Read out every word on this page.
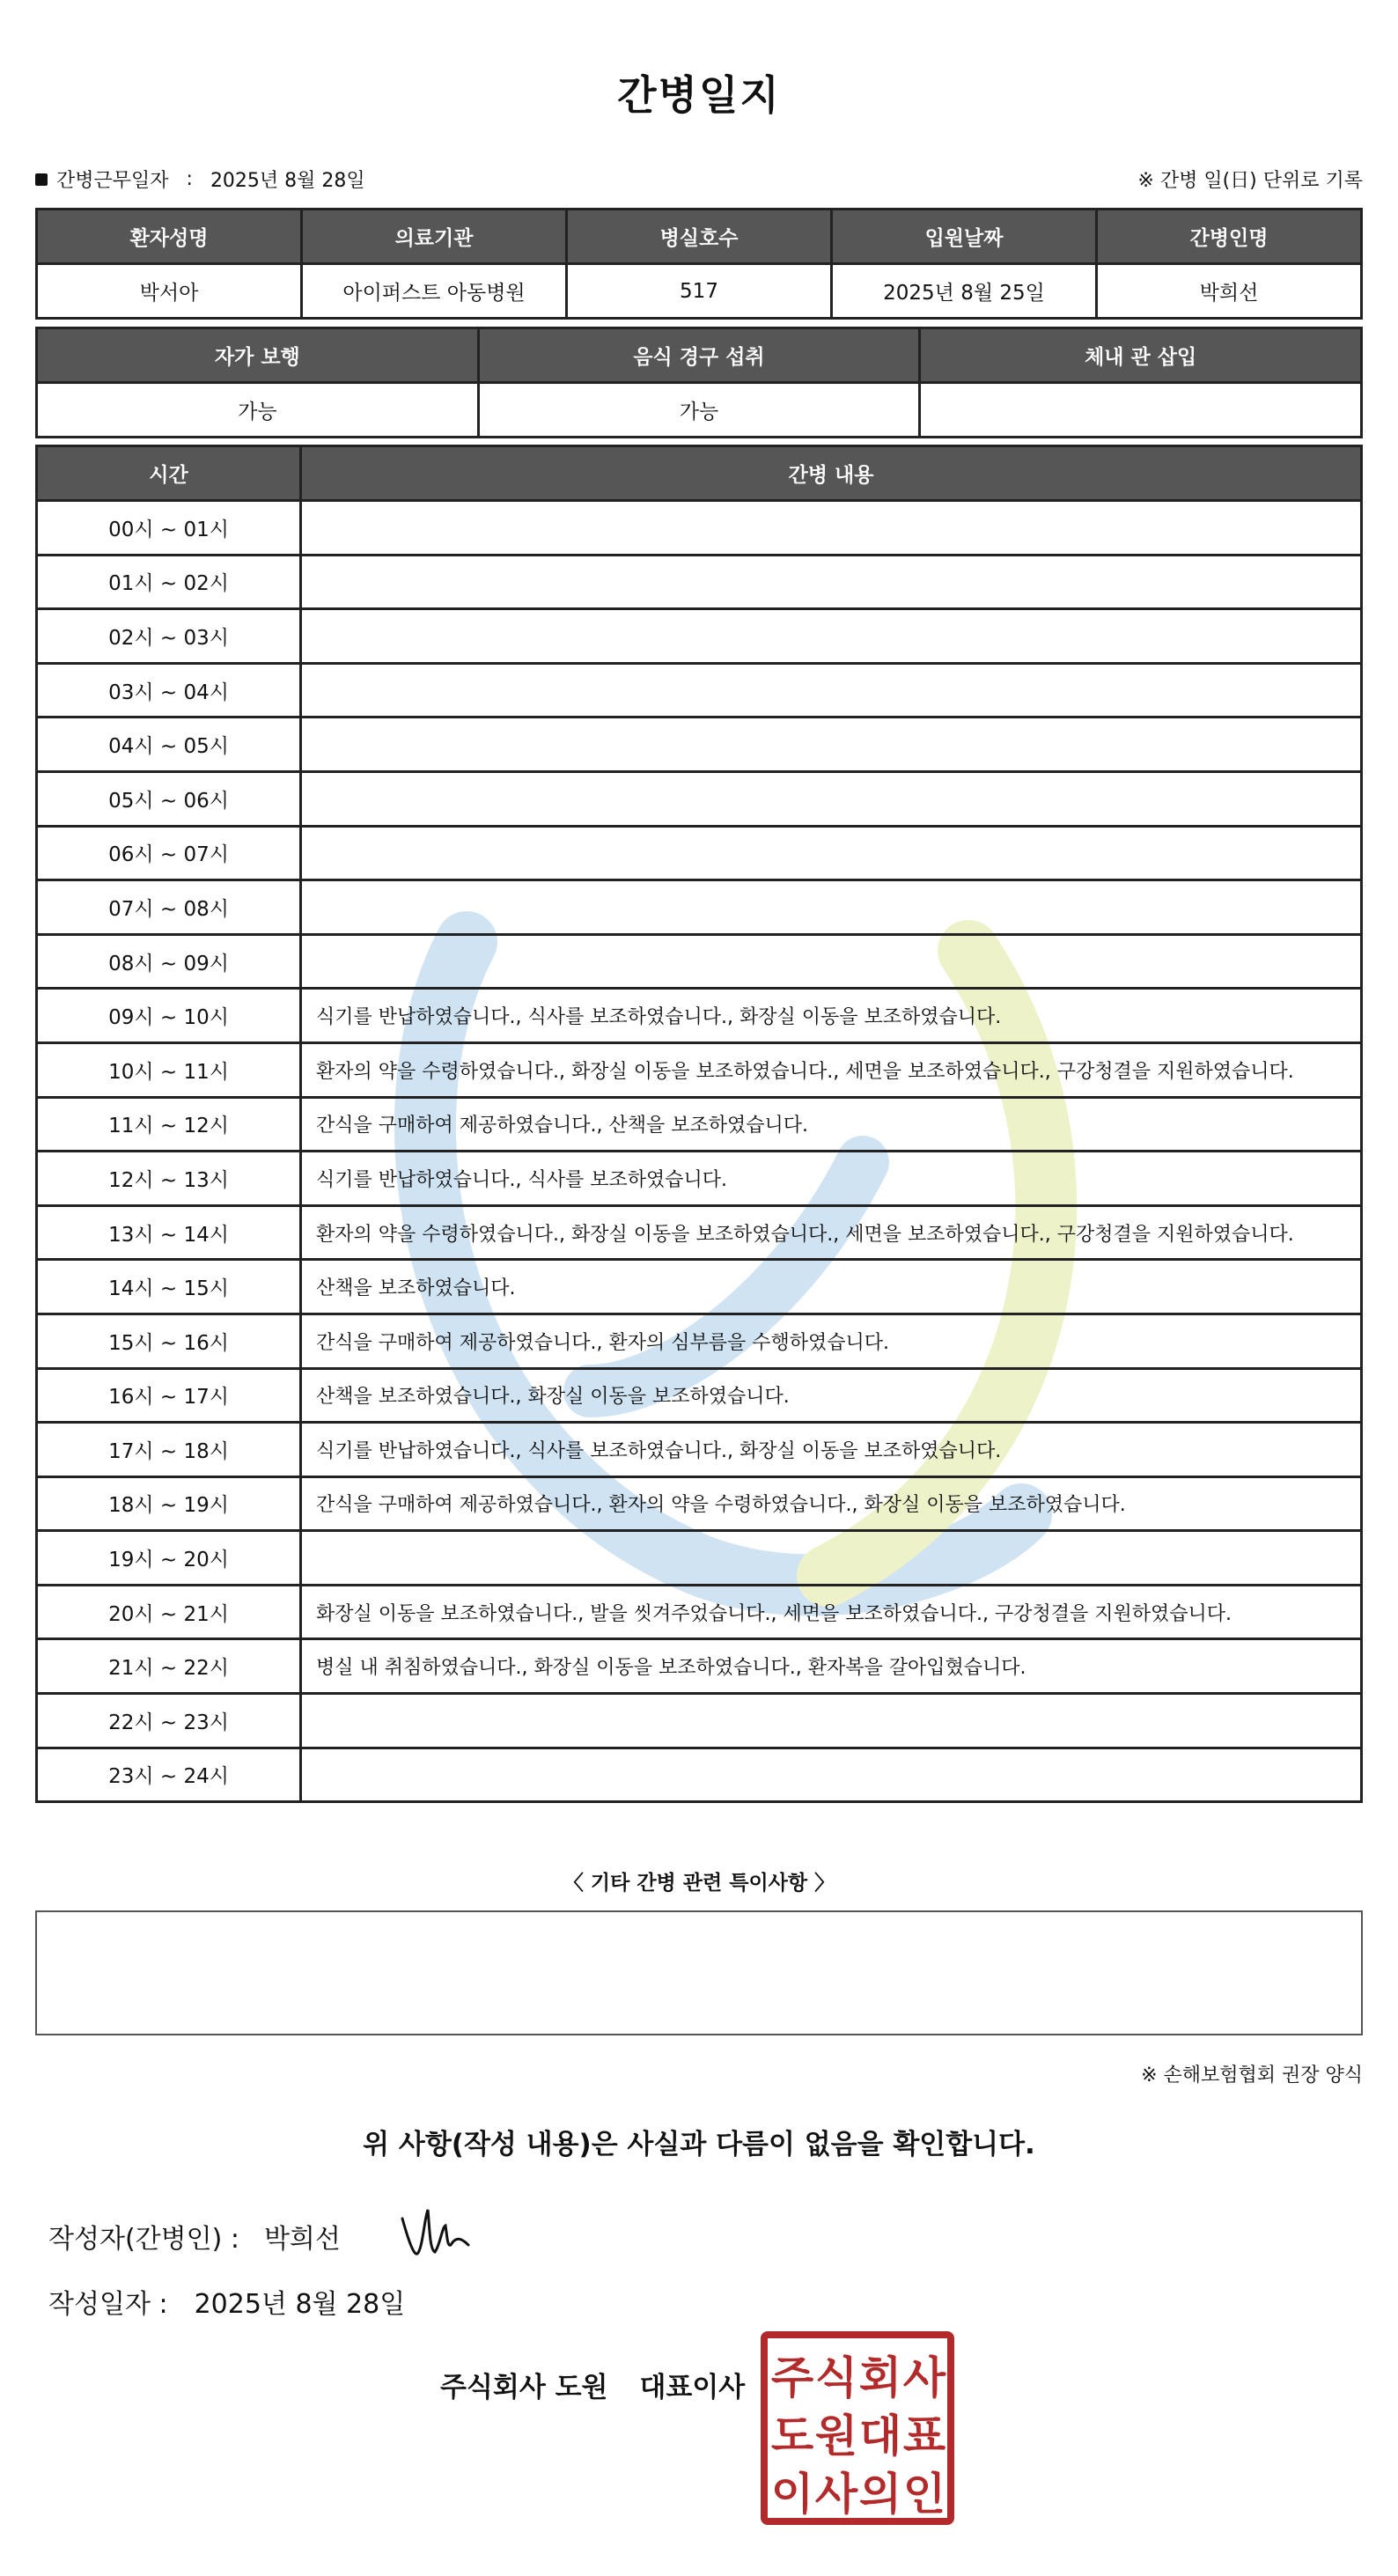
간병일지
간병근무일자 : 2025년 8월 28일	※ 간병 일(日) 단위로 기록
환자성명	의료기관	병실호수	입원날짜	간병인명
박서아	아이퍼스트 아동병원	517	2025년 8월 25일	박희선
자가 보행	음식 경구 섭취	체내 관 삽입
가능	가능	
시간	간병 내용
00시 ~ 01시	
01시 ~ 02시	
02시 ~ 03시	
03시 ~ 04시	
04시 ~ 05시	
05시 ~ 06시	
06시 ~ 07시	
07시 ~ 08시	
08시 ~ 09시	
09시 ~ 10시	식기를 반납하였습니다., 식사를 보조하였습니다., 화장실 이동을 보조하였습니다.
10시 ~ 11시	환자의 약을 수령하였습니다., 화장실 이동을 보조하였습니다., 세면을 보조하였습니다., 구강청결을 지원하였습니다.
11시 ~ 12시	간식을 구매하여 제공하였습니다., 산책을 보조하였습니다.
12시 ~ 13시	식기를 반납하였습니다., 식사를 보조하였습니다.
13시 ~ 14시	환자의 약을 수령하였습니다., 화장실 이동을 보조하였습니다., 세면을 보조하였습니다., 구강청결을 지원하였습니다.
14시 ~ 15시	산책을 보조하였습니다.
15시 ~ 16시	간식을 구매하여 제공하였습니다., 환자의 심부름을 수행하였습니다.
16시 ~ 17시	산책을 보조하였습니다., 화장실 이동을 보조하였습니다.
17시 ~ 18시	식기를 반납하였습니다., 식사를 보조하였습니다., 화장실 이동을 보조하였습니다.
18시 ~ 19시	간식을 구매하여 제공하였습니다., 환자의 약을 수령하였습니다., 화장실 이동을 보조하였습니다.
19시 ~ 20시	
20시 ~ 21시	화장실 이동을 보조하였습니다., 발을 씻겨주었습니다., 세면을 보조하였습니다., 구강청결을 지원하였습니다.
21시 ~ 22시	병실 내 취침하였습니다., 화장실 이동을 보조하였습니다., 환자복을 갈아입혔습니다.
22시 ~ 23시	
23시 ~ 24시	
〈 기타 간병 관련 특이사항 〉
※ 손해보험협회 권장 양식
위 사항(작성 내용)은 사실과 다름이 없음을 확인합니다.
작성자(간병인) : 박희선
작성일자 : 2025년 8월 28일
주식회사 도원 대표이사 주 식 회 사
도 원 대 표
이 사 의 인
